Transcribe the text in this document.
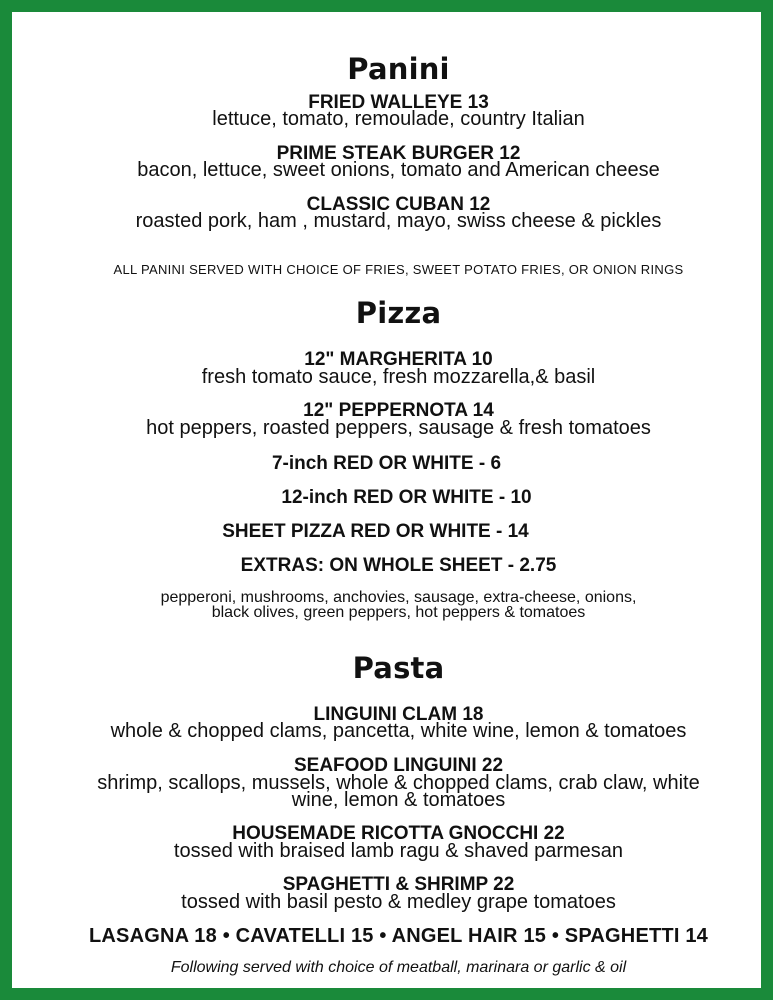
Panini
FRIED WALLEYE 13
lettuce, tomato, remoulade, country Italian
PRIME STEAK BURGER 12
bacon, lettuce, sweet onions, tomato and American cheese
CLASSIC CUBAN 12
roasted pork, ham , mustard, mayo, swiss cheese & pickles
ALL PANINI SERVED WITH CHOICE OF FRIES, SWEET POTATO FRIES, OR ONION RINGS
Pizza
12" MARGHERITA 10
fresh tomato sauce, fresh mozzarella,& basil
12" PEPPERNOTA 14
hot peppers, roasted peppers, sausage & fresh tomatoes
7-inch RED OR WHITE - 6
12-inch RED OR WHITE - 10
SHEET PIZZA RED OR WHITE - 14
EXTRAS: ON WHOLE SHEET - 2.75
pepperoni, mushrooms, anchovies, sausage, extra-cheese, onions,
black olives, green peppers, hot peppers & tomatoes
Pasta
LINGUINI CLAM 18
whole & chopped clams, pancetta, white wine, lemon & tomatoes
SEAFOOD LINGUINI 22
shrimp, scallops, mussels, whole & chopped clams, crab claw, white
wine, lemon & tomatoes
HOUSEMADE RICOTTA GNOCCHI 22
tossed with braised lamb ragu & shaved parmesan
SPAGHETTI & SHRIMP 22
tossed with basil pesto & medley grape tomatoes
LASAGNA 18 • CAVATELLI 15 • ANGEL HAIR 15 • SPAGHETTI 14
Following served with choice of meatball, marinara or garlic & oil
